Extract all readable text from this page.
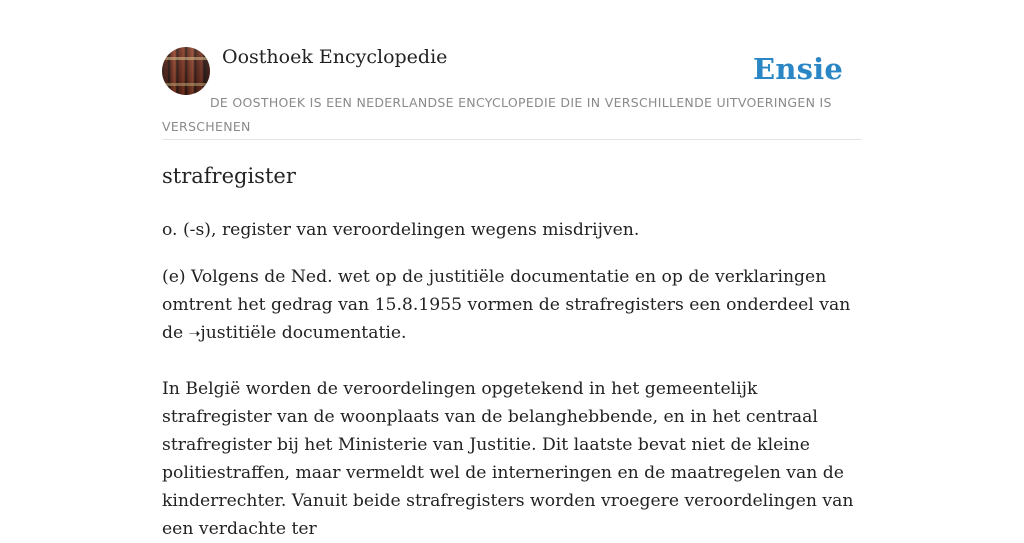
Oosthoek Encyclopedie	Ensie
DE OOSTHOEK IS EEN NEDERLANDSE ENCYCLOPEDIE DIE IN VERSCHILLENDE UITVOERINGEN IS VERSCHENEN
strafregister

o. (-s), register van veroordelingen wegens misdrijven.

(e) Volgens de Ned. wet op de justitiële documentatie en op de verklaringen omtrent het gedrag van 15.8.1955 vormen de strafregisters een onderdeel van de ➝justitiële documentatie.

In België worden de veroordelingen opgetekend in het gemeentelijk strafregister van de woonplaats van de belanghebbende, en in het centraal strafregister bij het Ministerie van Justitie. Dit laatste bevat niet de kleine politiestraffen, maar vermeldt wel de interneringen en de maatregelen van de kinderrechter. Vanuit beide strafregisters worden vroegere veroordelingen van een verdachte ter
